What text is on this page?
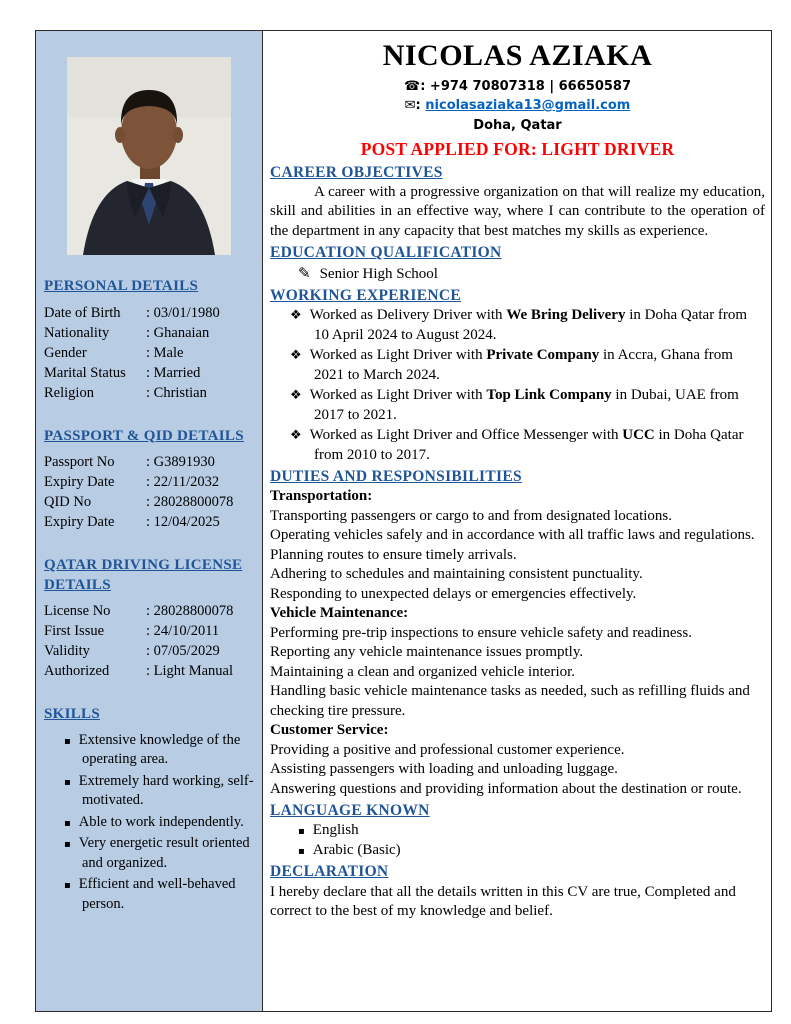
PERSONAL DETAILS
Date of Birth	: 03/01/1980
Nationality	: Ghanaian
Gender	: Male
Marital Status	: Married
Religion	: Christian
PASSPORT & QID DETAILS
Passport No	: G3891930
Expiry Date	: 22/11/2032
QID No	: 28028800078
Expiry Date	: 12/04/2025
QATAR DRIVING LICENSE DETAILS
License No	: 28028800078
First Issue	: 24/10/2011
Validity	: 07/05/2029
Authorized	: Light Manual
SKILLS
▪ Extensive knowledge of the operating area.
▪ Extremely hard working, self-motivated.
▪ Able to work independently.
▪ Very energetic result oriented and organized.
▪ Efficient and well-behaved person.
NICOLAS AZIAKA
☎ : +974 70807318 | 66650587
✉ : nicolasaziaka13@gmail.com
Doha, Qatar
POST APPLIED FOR: LIGHT DRIVER
CAREER OBJECTIVES

A career with a progressive organization on that will realize my education, skill and abilities in an effective way, where I can contribute to the operation of the department in any capacity that best matches my skills as experience.

EDUCATION QUALIFICATION
✎ Senior High School
WORKING EXPERIENCE
❖ Worked as Delivery Driver with We Bring Delivery in Doha Qatar from 10 April 2024 to August 2024.
❖ Worked as Light Driver with Private Company in Accra, Ghana from 2021 to March 2024.
❖ Worked as Light Driver with Top Link Company in Dubai, UAE from 2017 to 2021.
❖ Worked as Light Driver and Office Messenger with UCC in Doha Qatar from 2010 to 2017.
DUTIES AND RESPONSIBILITIES
Transportation:
Transporting passengers or cargo to and from designated locations.
Operating vehicles safely and in accordance with all traffic laws and regulations.
Planning routes to ensure timely arrivals.
Adhering to schedules and maintaining consistent punctuality.
Responding to unexpected delays or emergencies effectively.
Vehicle Maintenance:
Performing pre-trip inspections to ensure vehicle safety and readiness.
Reporting any vehicle maintenance issues promptly.
Maintaining a clean and organized vehicle interior.
Handling basic vehicle maintenance tasks as needed, such as refilling fluids and checking tire pressure.
Customer Service:
Providing a positive and professional customer experience.
Assisting passengers with loading and unloading luggage.
Answering questions and providing information about the destination or route.
LANGUAGE KNOWN
▪ English
▪ Arabic (Basic)
DECLARATION

I hereby declare that all the details written in this CV are true, Completed and correct to the best of my knowledge and belief.
